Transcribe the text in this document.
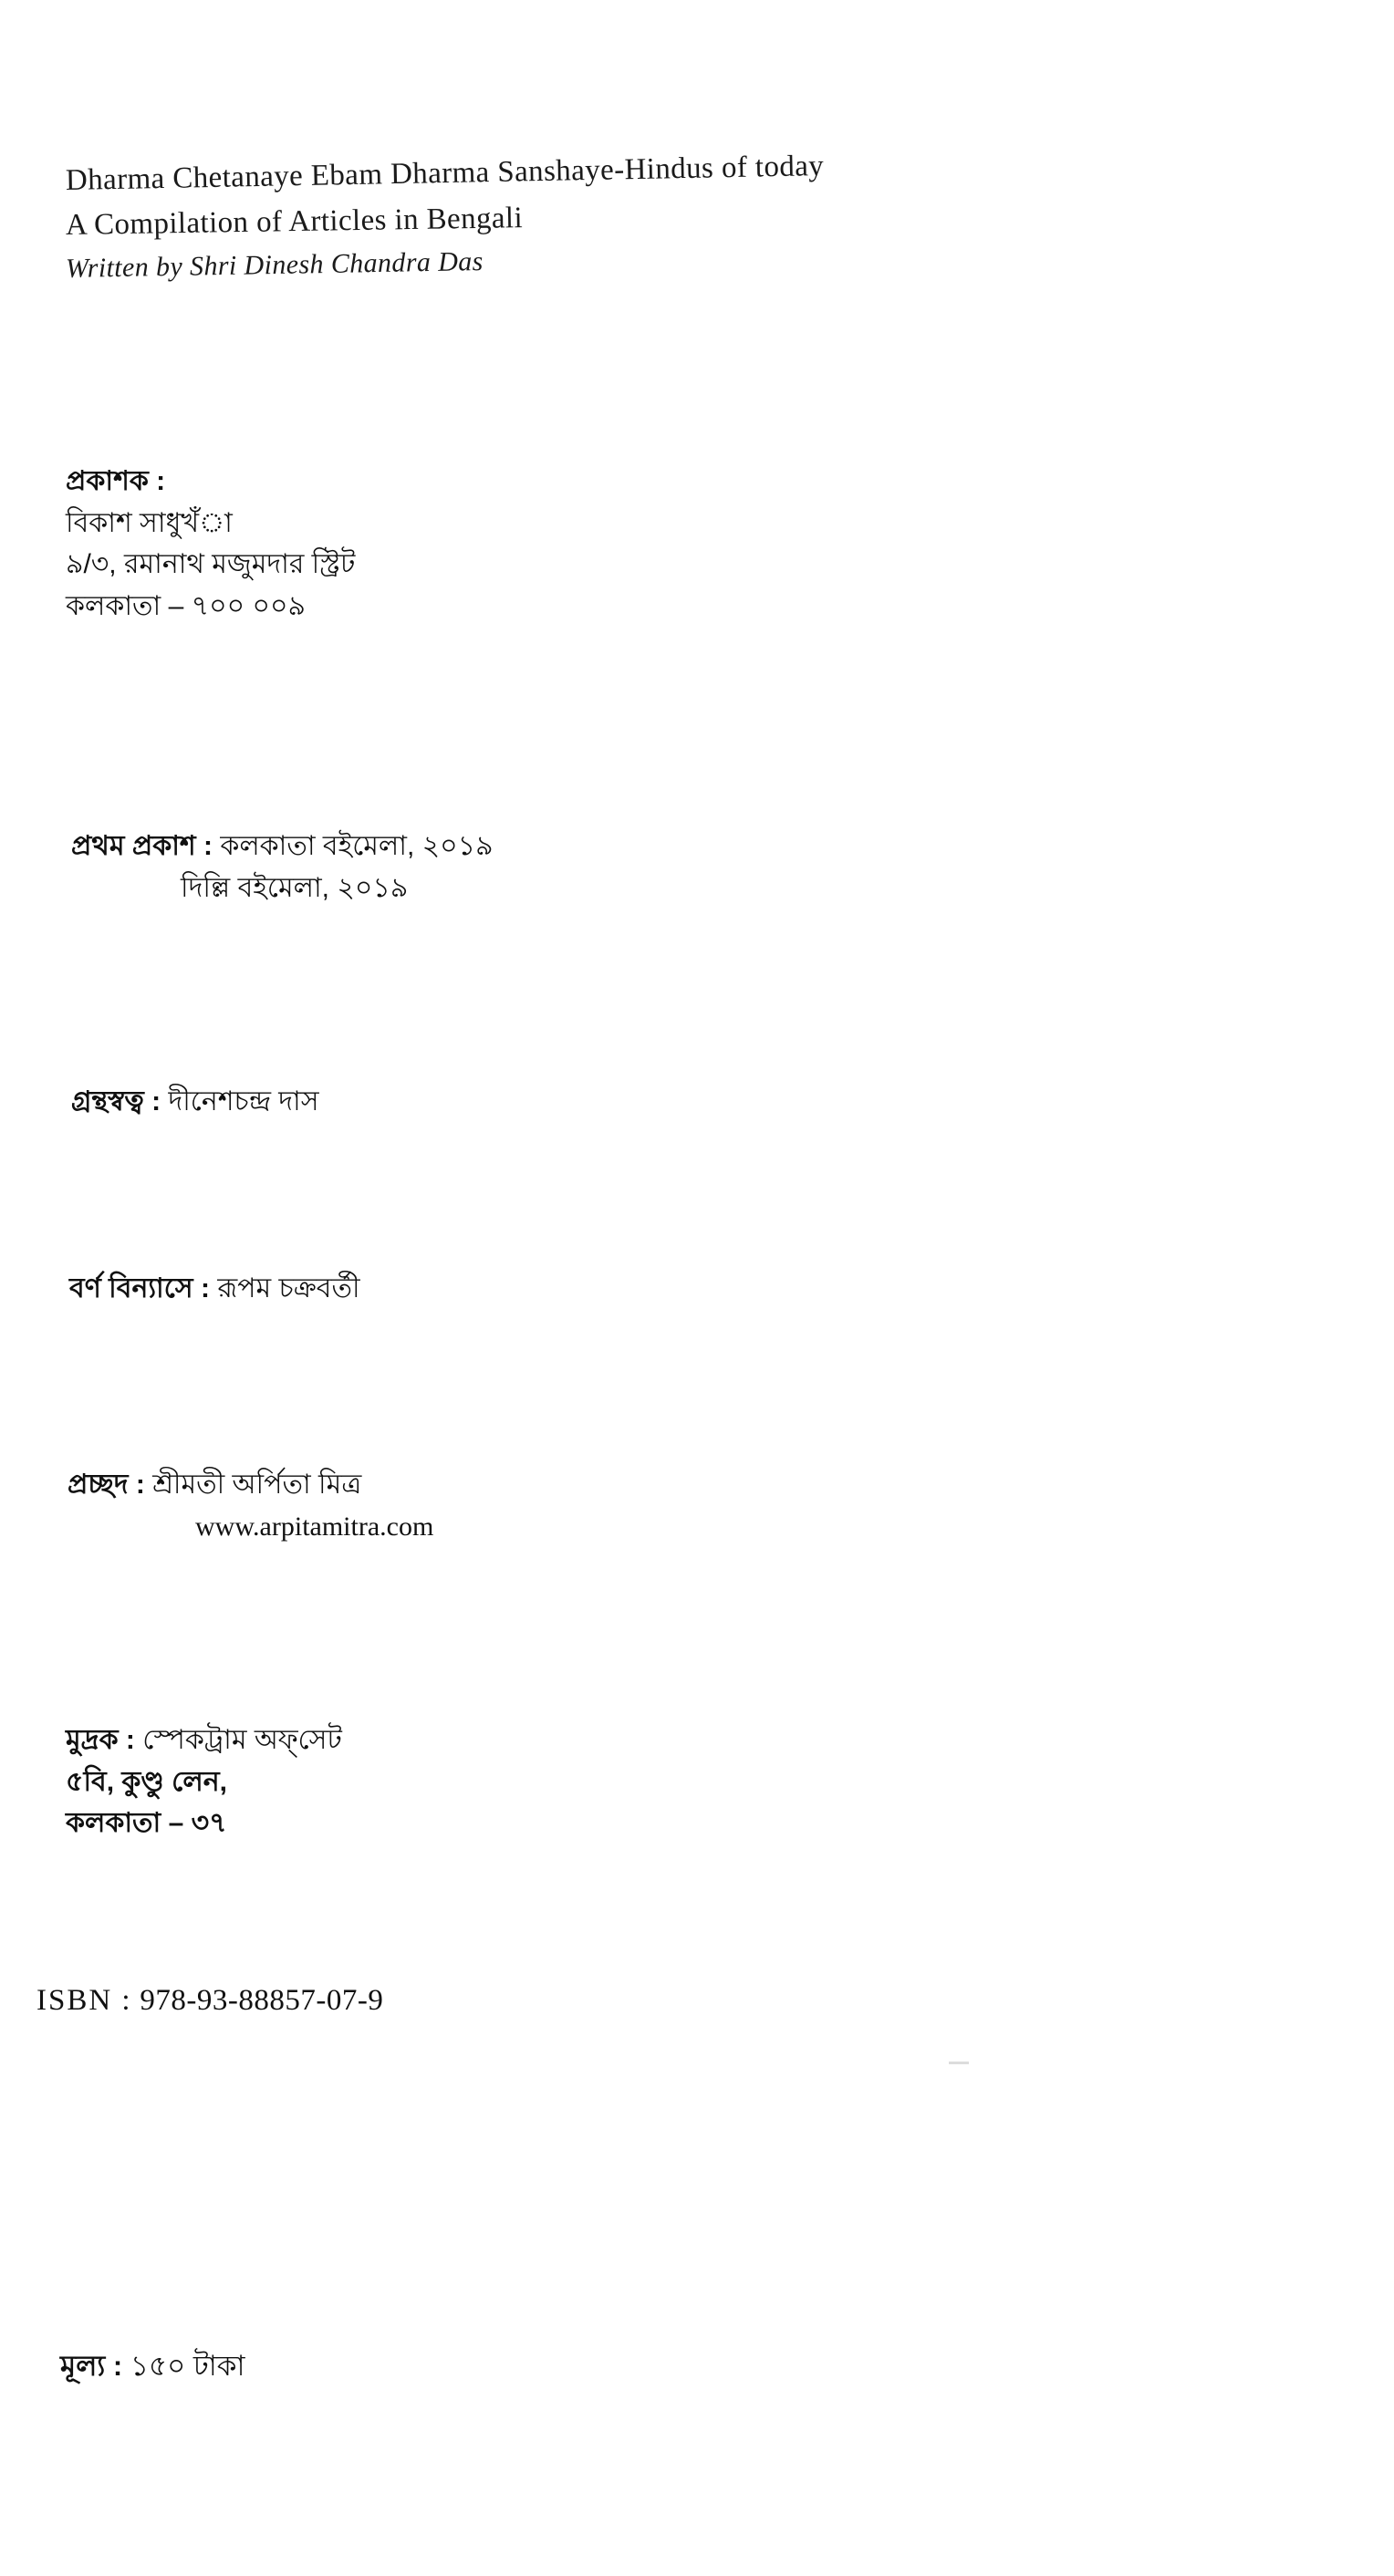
Dharma Chetanaye Ebam Dharma Sanshaye-Hindus of today
A Compilation of Articles in Bengali
Written by Shri Dinesh Chandra Das
প্রকাশক :
বিকাশ সাধুখঁা
৯/৩, রমানাথ মজুমদার স্ট্রিট
কলকাতা – ৭০০ ০০৯
প্রথম প্রকাশ : কলকাতা বইমেলা, ২০১৯
দিল্লি বইমেলা, ২০১৯
গ্রন্থস্বত্ব : দীনেশচন্দ্র দাস
বর্ণ বিন্যাসে : রূপম চক্রবর্তী
প্রচ্ছদ : শ্রীমতী অর্পিতা মিত্র
www.arpitamitra.com
মুদ্রক : স্পেকট্রাম অফ্‌সেট
৫বি, কুণ্ডু লেন,
কলকাতা – ৩৭
ISBN : 978-93-88857-07-9
মূল্য : ১৫০ টাকা
